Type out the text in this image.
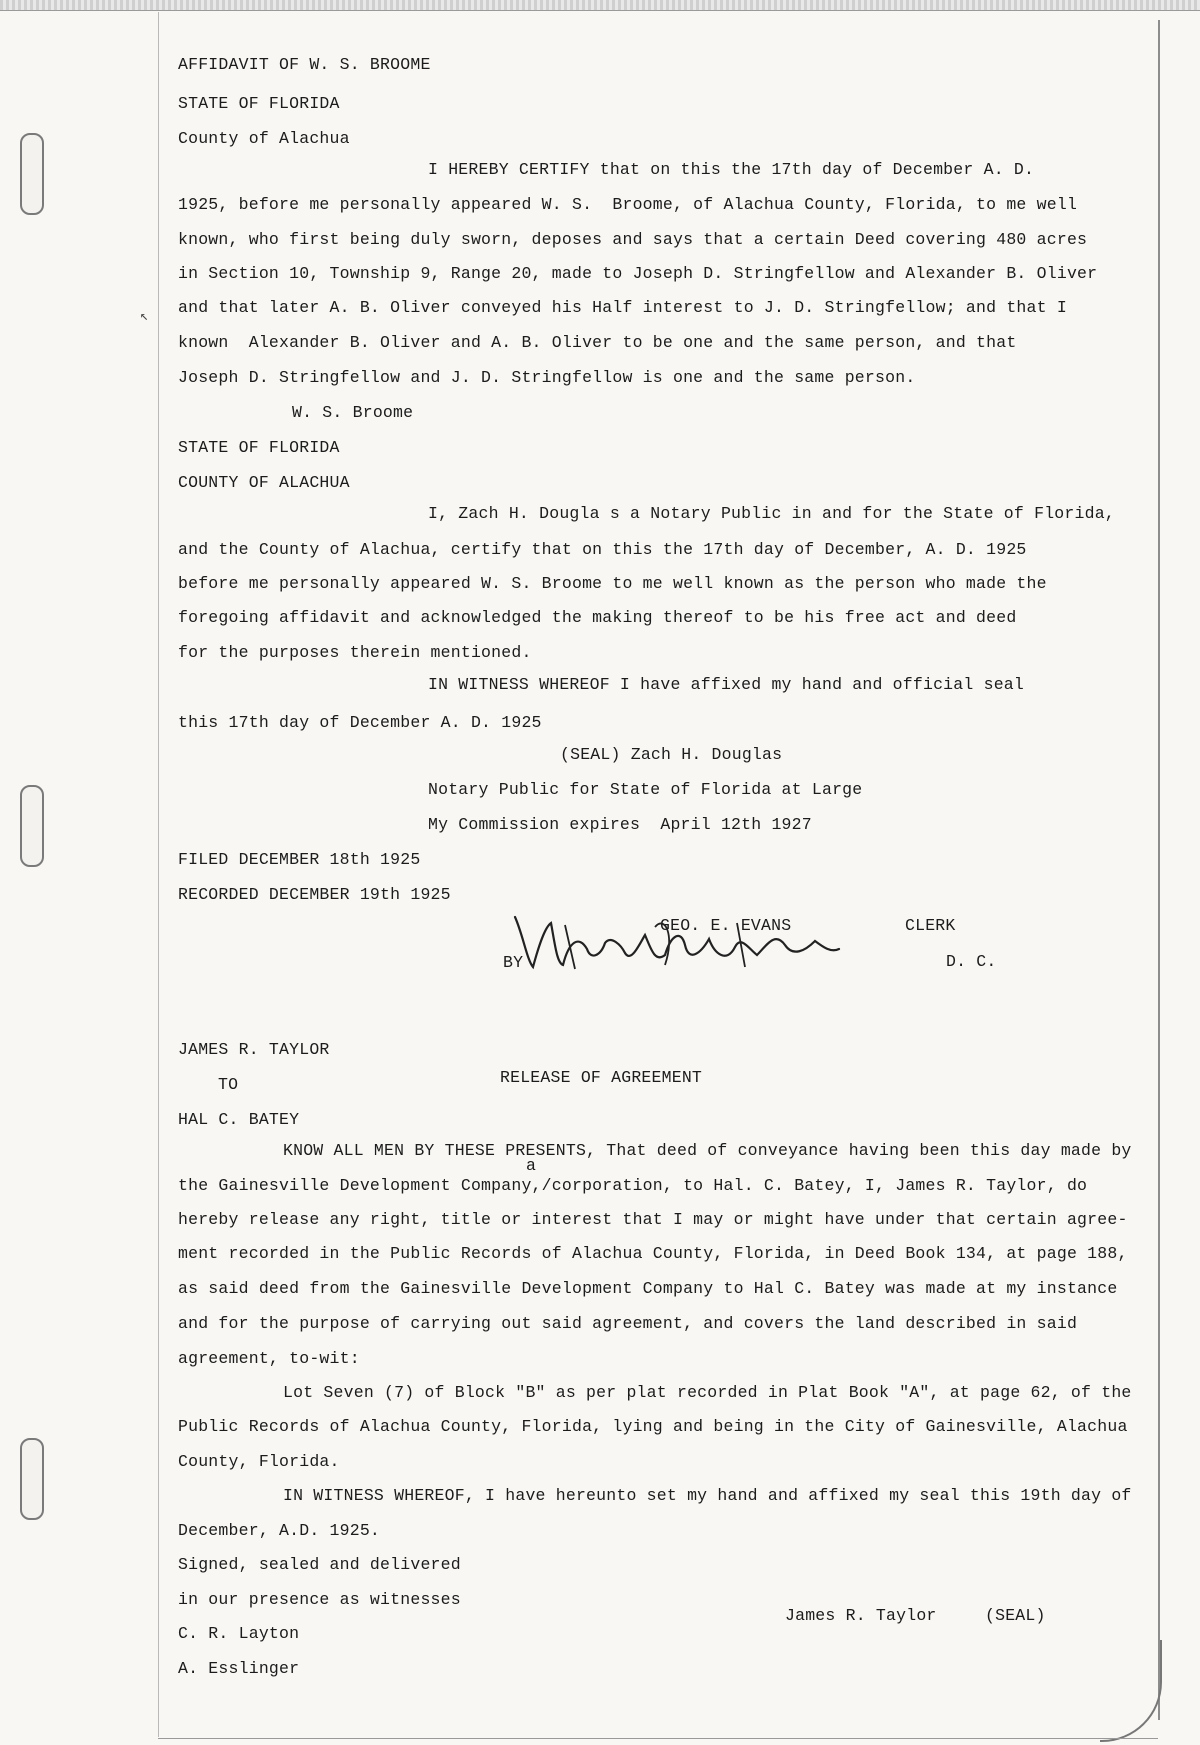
↖
AFFIDAVIT OF W. S. BROOME
STATE OF FLORIDA
County of Alachua
I HEREBY CERTIFY that on this the 17th day of December A. D.
1925, before me personally appeared W. S.  Broome, of Alachua County, Florida, to me well
known, who first being duly sworn, deposes and says that a certain Deed covering 480 acres
in Section 10, Township 9, Range 20, made to Joseph D. Stringfellow and Alexander B. Oliver
and that later A. B. Oliver conveyed his Half interest to J. D. Stringfellow; and that I
known  Alexander B. Oliver and A. B. Oliver to be one and the same person, and that
Joseph D. Stringfellow and J. D. Stringfellow is one and the same person.
W. S. Broome
STATE OF FLORIDA
COUNTY OF ALACHUA
I, Zach H. Dougla s a Notary Public in and for the State of Florida,
and the County of Alachua, certify that on this the 17th day of December, A. D. 1925
before me personally appeared W. S. Broome to me well known as the person who made the
foregoing affidavit and acknowledged the making thereof to be his free act and deed
for the purposes therein mentioned.
IN WITNESS WHEREOF I have affixed my hand and official seal
this 17th day of December A. D. 1925
(SEAL) Zach H. Douglas
Notary Public for State of Florida at Large
My Commission expires  April 12th 1927
FILED DECEMBER 18th 1925
RECORDED DECEMBER 19th 1925
GEO. E. EVANS	CLERK
BY	D. C.
JAMES R. TAYLOR
TO	RELEASE OF AGREEMENT
HAL C. BATEY
KNOW ALL MEN BY THESE PRESENTS, That deed of conveyance having been this day made by
a
the Gainesville Development Company,/corporation, to Hal. C. Batey, I, James R. Taylor, do
hereby release any right, title or interest that I may or might have under that certain agree-
ment recorded in the Public Records of Alachua County, Florida, in Deed Book 134, at page 188,
as said deed from the Gainesville Development Company to Hal C. Batey was made at my instance
and for the purpose of carrying out said agreement, and covers the land described in said
agreement, to-wit:
Lot Seven (7) of Block "B" as per plat recorded in Plat Book "A", at page 62, of the
Public Records of Alachua County, Florida, lying and being in the City of Gainesville, Alachua
County, Florida.
IN WITNESS WHEREOF, I have hereunto set my hand and affixed my seal this 19th day of
December, A.D. 1925.
Signed, sealed and delivered
in our presence as witnesses
James R. Taylor	(SEAL)
C. R. Layton
A. Esslinger
